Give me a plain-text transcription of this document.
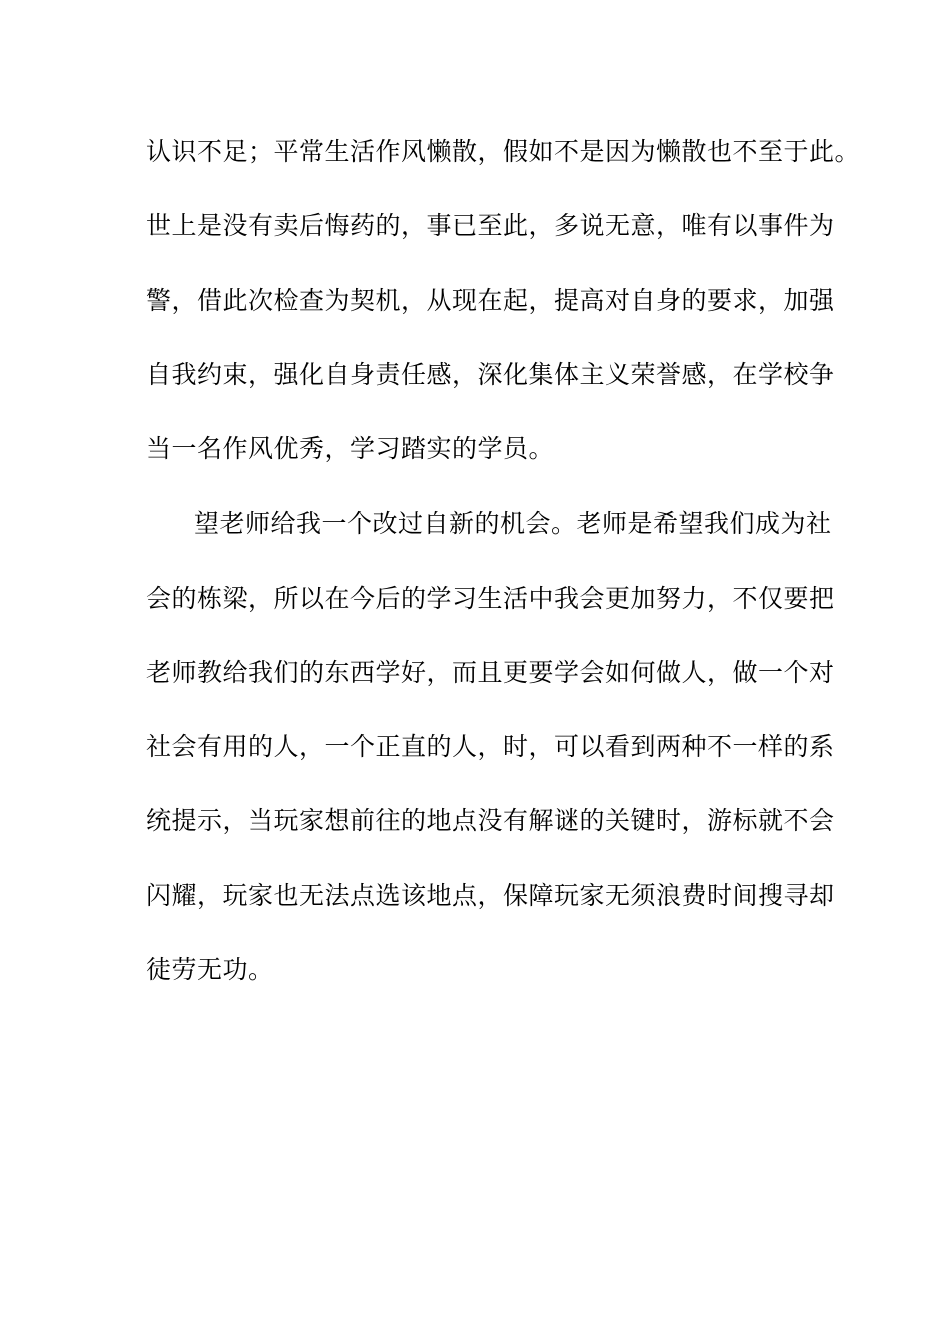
认识不足；平常生活作风懒散，假如不是因为懒散也不至于此。
世上是没有卖后悔药的，事已至此，多说无意，唯有以事件为
警，借此次检查为契机，从现在起，提高对自身的要求，加强
自我约束，强化自身责任感，深化集体主义荣誉感，在学校争
当一名作风优秀，学习踏实的学员。
望老师给我一个改过自新的机会。老师是希望我们成为社
会的栋梁，所以在今后的学习生活中我会更加努力，不仅要把
老师教给我们的东西学好，而且更要学会如何做人，做一个对
社会有用的人，一个正直的人，时，可以看到两种不一样的系
统提示，当玩家想前往的地点没有解谜的关键时，游标就不会
闪耀，玩家也无法点选该地点，保障玩家无须浪费时间搜寻却
徒劳无功。
